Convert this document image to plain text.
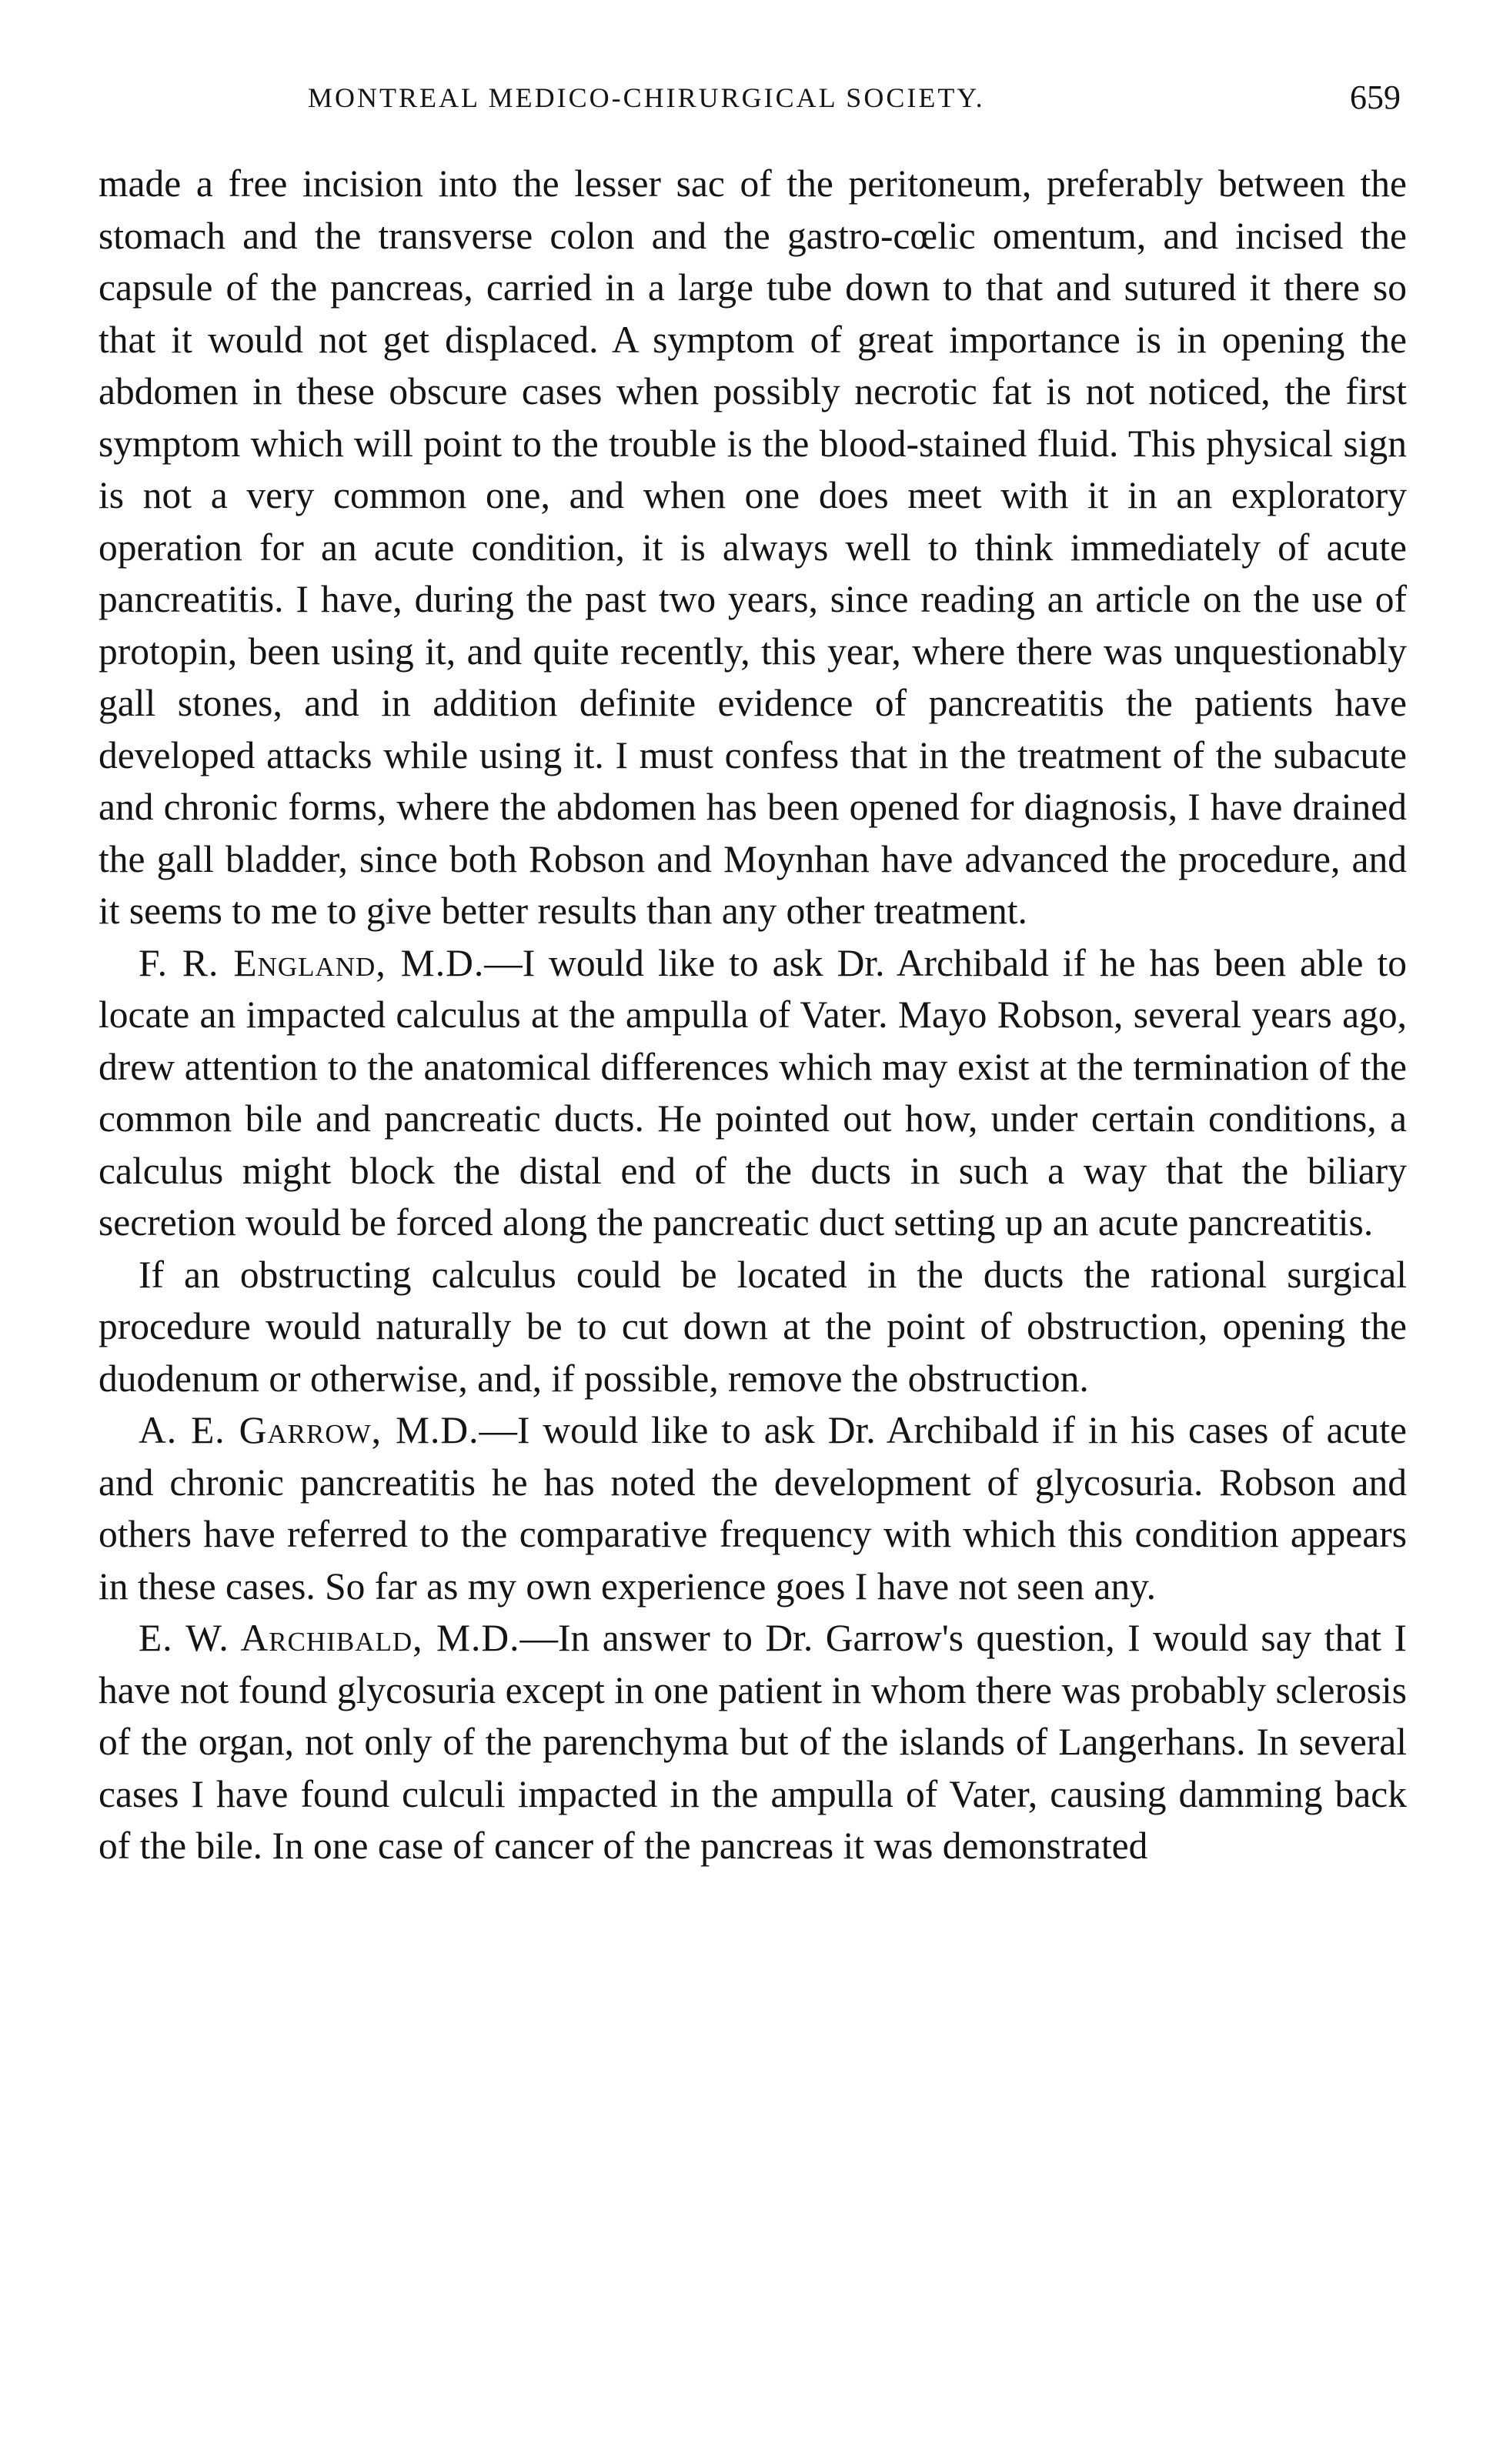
MONTREAL MEDICO-CHIRURGICAL SOCIETY.	659

made a free incision into the lesser sac of the peritoneum, preferably between the stomach and the transverse colon and the gastro-cœlic omentum, and incised the capsule of the pancreas, carried in a large tube down to that and sutured it there so that it would not get displaced. A symptom of great importance is in opening the abdomen in these obscure cases when possibly necrotic fat is not noticed, the first symptom which will point to the trouble is the blood-stained fluid. This physical sign is not a very common one, and when one does meet with it in an exploratory operation for an acute condition, it is always well to think immediately of acute pancreatitis. I have, during the past two years, since reading an article on the use of protopin, been using it, and quite recently, this year, where there was unquestionably gall stones, and in addition definite evidence of pancreatitis the patients have developed attacks while using it. I must confess that in the treatment of the subacute and chronic forms, where the abdomen has been opened for diagnosis, I have drained the gall bladder, since both Robson and Moynhan have advanced the procedure, and it seems to me to give better results than any other treatment.

F. R. England, M.D.—I would like to ask Dr. Archibald if he has been able to locate an impacted calculus at the ampulla of Vater. Mayo Robson, several years ago, drew attention to the anatomical differences which may exist at the termination of the common bile and pancreatic ducts. He pointed out how, under certain conditions, a calculus might block the distal end of the ducts in such a way that the biliary secretion would be forced along the pancreatic duct setting up an acute pancreatitis.

If an obstructing calculus could be located in the ducts the rational surgical procedure would naturally be to cut down at the point of obstruction, opening the duodenum or otherwise, and, if possible, remove the obstruction.

A. E. Garrow, M.D.—I would like to ask Dr. Archibald if in his cases of acute and chronic pancreatitis he has noted the development of glycosuria. Robson and others have referred to the comparative frequency with which this condition appears in these cases. So far as my own experience goes I have not seen any.

E. W. Archibald, M.D.—In answer to Dr. Garrow's question, I would say that I have not found glycosuria except in one patient in whom there was probably sclerosis of the organ, not only of the parenchyma but of the islands of Langerhans. In several cases I have found culculi impacted in the ampulla of Vater, causing damming back of the bile. In one case of cancer of the pancreas it was demonstrated
